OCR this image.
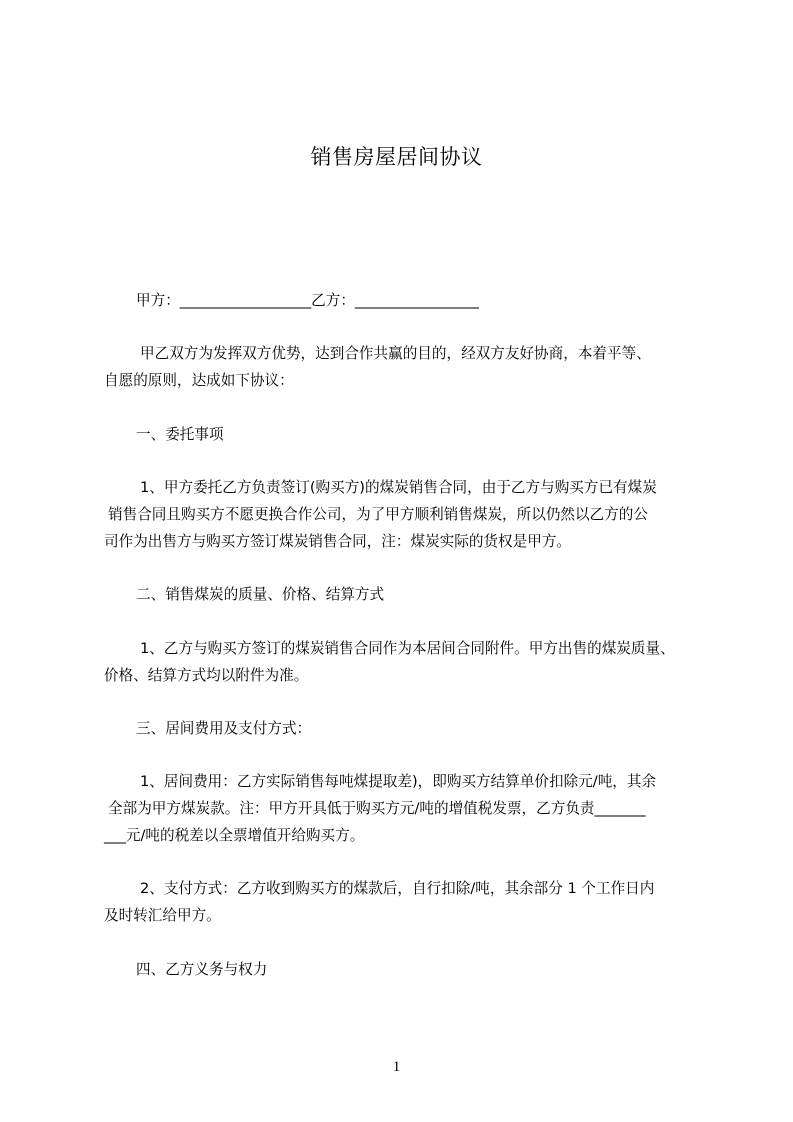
销售房屋居间协议
甲方：__________________乙方：_________________
甲乙双方为发挥双方优势，达到合作共赢的目的，经双方友好协商，本着平等、
自愿的原则，达成如下协议：
一、委托事项
1、甲方委托乙方负责签订(购买方)的煤炭销售合同，由于乙方与购买方已有煤炭
销售合同且购买方不愿更换合作公司，为了甲方顺利销售煤炭，所以仍然以乙方的公
司作为出售方与购买方签订煤炭销售合同，注：煤炭实际的货权是甲方。
二、销售煤炭的质量、价格、结算方式
1、乙方与购买方签订的煤炭销售合同作为本居间合同附件。甲方出售的煤炭质量、
价格、结算方式均以附件为准。
三、居间费用及支付方式：
1、居间费用：乙方实际销售每吨煤提取差)，即购买方结算单价扣除元/吨，其余
全部为甲方煤炭款。注：甲方开具低于购买方元/吨的增值税发票，乙方负责_______
___元/吨的税差以全票增值开给购买方。
2、支付方式：乙方收到购买方的煤款后，自行扣除/吨，其余部分 1 个工作日内
及时转汇给甲方。
四、乙方义务与权力
1
